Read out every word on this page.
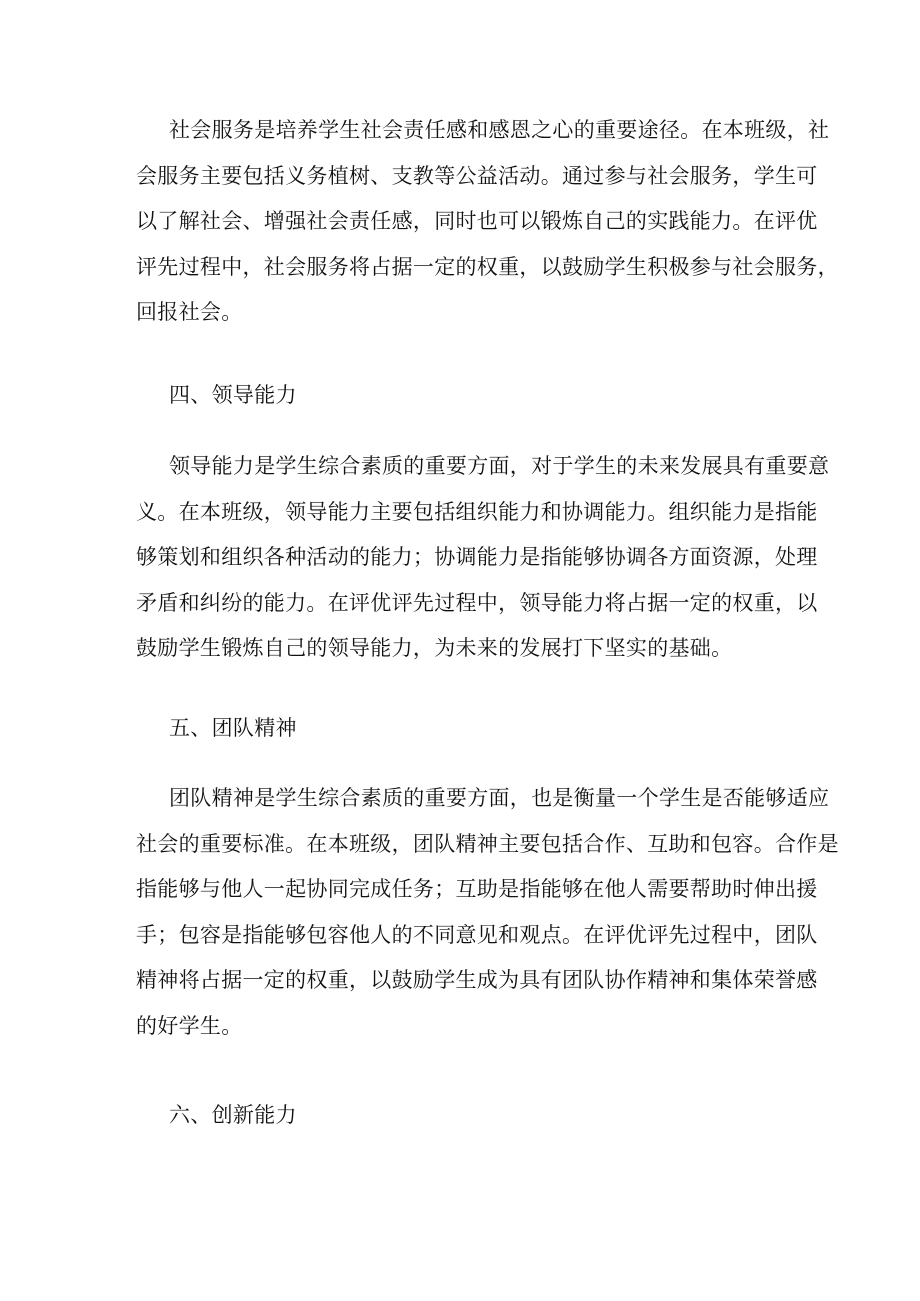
社会服务是培养学生社会责任感和感恩之心的重要途径。在本班级，社
会服务主要包括义务植树、支教等公益活动。通过参与社会服务，学生可
以了解社会、增强社会责任感，同时也可以锻炼自己的实践能力。在评优
评先过程中，社会服务将占据一定的权重，以鼓励学生积极参与社会服务，
回报社会。

四、领导能力

领导能力是学生综合素质的重要方面，对于学生的未来发展具有重要意
义。在本班级，领导能力主要包括组织能力和协调能力。组织能力是指能
够策划和组织各种活动的能力；协调能力是指能够协调各方面资源，处理
矛盾和纠纷的能力。在评优评先过程中，领导能力将占据一定的权重，以
鼓励学生锻炼自己的领导能力，为未来的发展打下坚实的基础。

五、团队精神

团队精神是学生综合素质的重要方面，也是衡量一个学生是否能够适应
社会的重要标准。在本班级，团队精神主要包括合作、互助和包容。合作是
指能够与他人一起协同完成任务；互助是指能够在他人需要帮助时伸出援
手；包容是指能够包容他人的不同意见和观点。在评优评先过程中，团队
精神将占据一定的权重，以鼓励学生成为具有团队协作精神和集体荣誉感
的好学生。

六、创新能力
